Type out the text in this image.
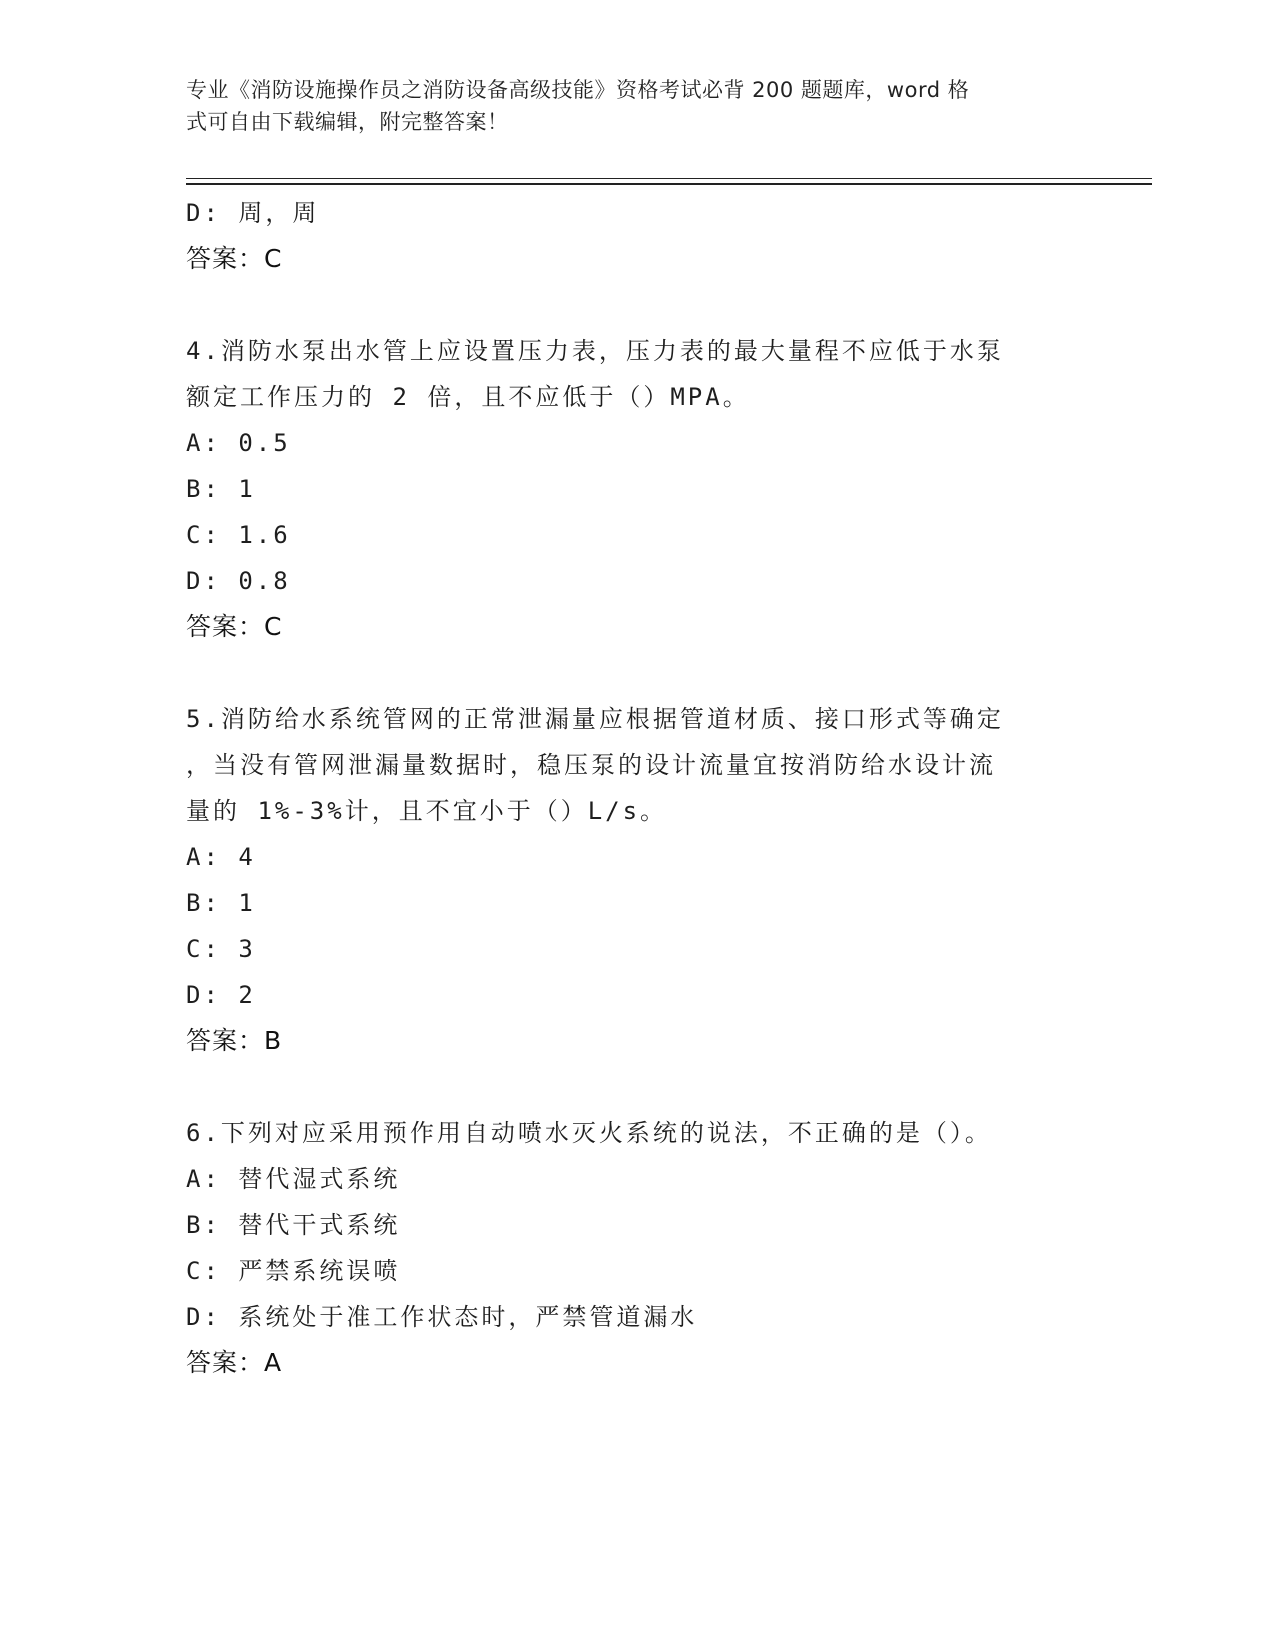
专业《消防设施操作员之消防设备高级技能》资格考试必背 200 题题库，word 格
式可自由下载编辑，附完整答案！
D: 周，周
答案：C
4.消防水泵出水管上应设置压力表，压力表的最大量程不应低于水泵
额定工作压力的 2 倍，且不应低于（）MPA。
A: 0.5
B: 1
C: 1.6
D: 0.8
答案：C
5.消防给水系统管网的正常泄漏量应根据管道材质、接口形式等确定
，当没有管网泄漏量数据时，稳压泵的设计流量宜按消防给水设计流
量的 1%-3%计，且不宜小于（）L/s。
A: 4
B: 1
C: 3
D: 2
答案：B
6.下列对应采用预作用自动喷水灭火系统的说法，不正确的是（）。
A: 替代湿式系统
B: 替代干式系统
C: 严禁系统误喷
D: 系统处于准工作状态时，严禁管道漏水
答案：A
